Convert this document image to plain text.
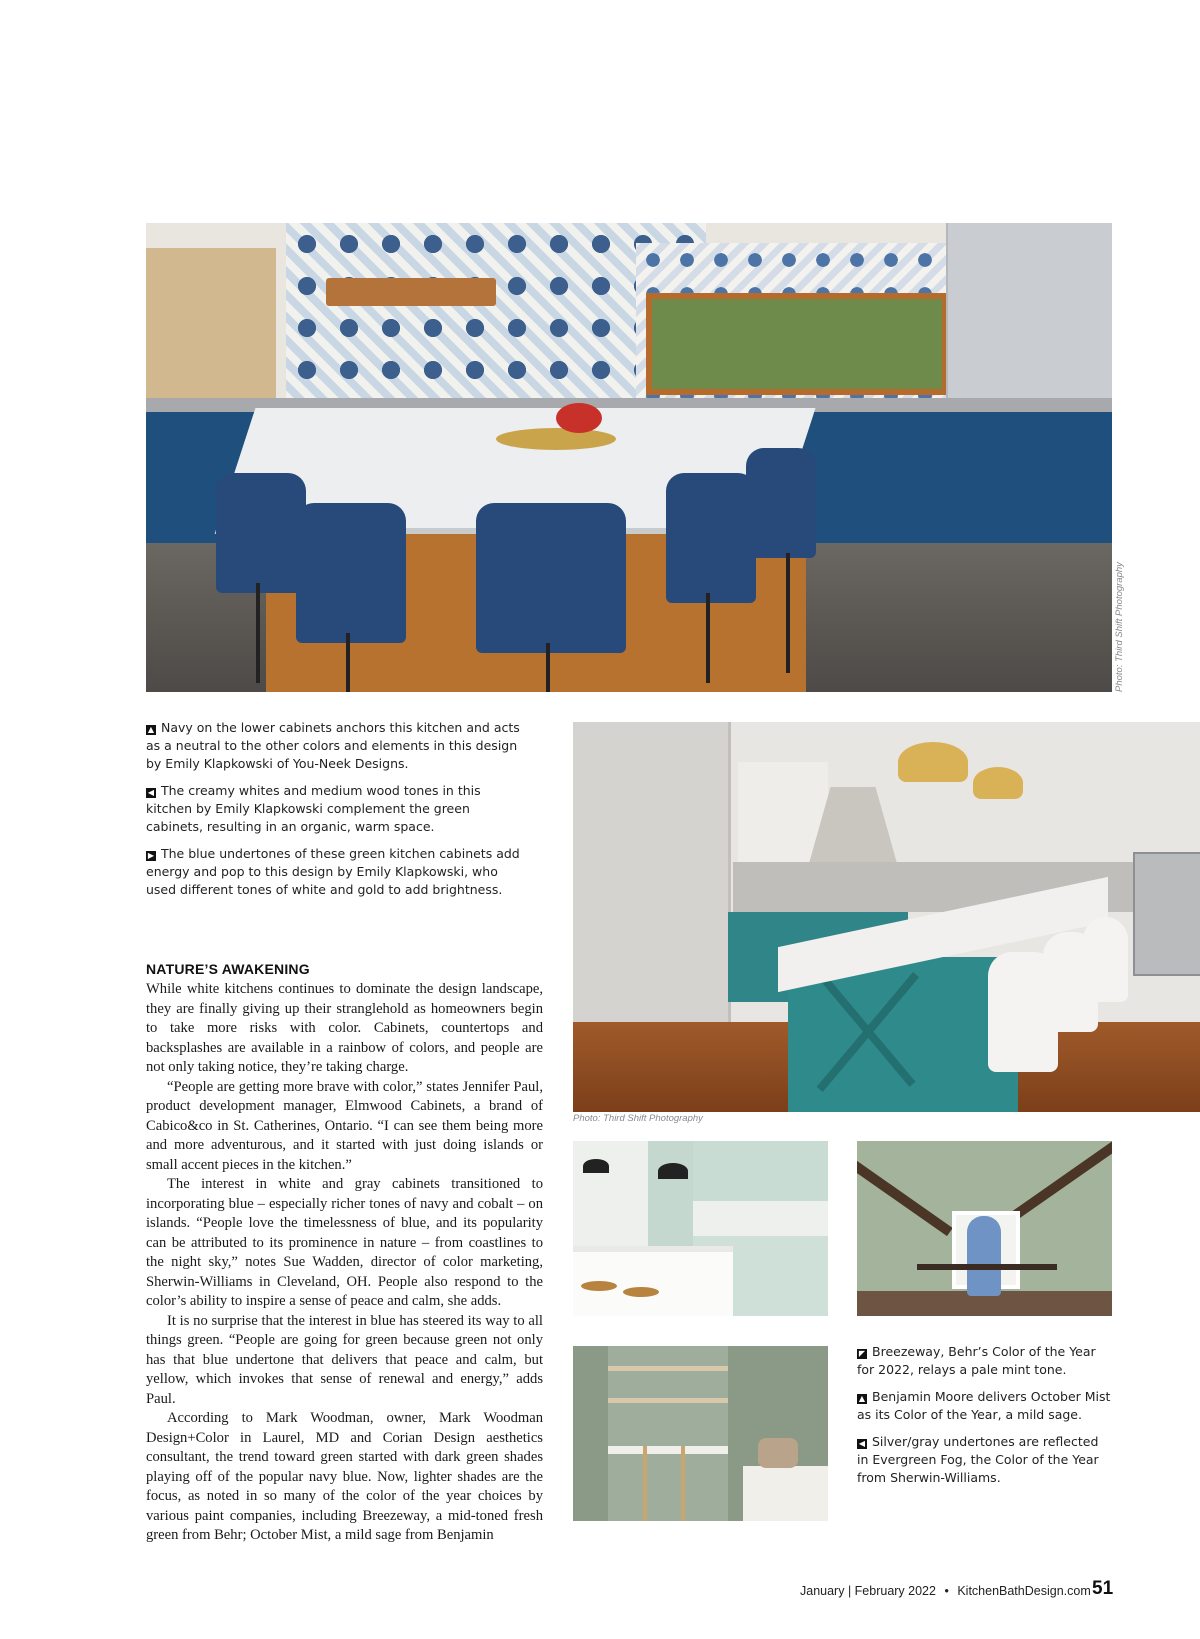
Photo: Third Shift Photography

▲ Navy on the lower cabinets anchors this kitchen and acts as a neutral to the other colors and elements in this design by Emily Klapkowski of You-Neek Designs.

◀ The creamy whites and medium wood tones in this kitchen by Emily Klapkowski complement the green cabinets, resulting in an organic, warm space.

▶ The blue undertones of these green kitchen cabinets add energy and pop to this design by Emily Klapkowski, who used different tones of white and gold to add brightness.

Photo: Third Shift Photography

◤ Breezeway, Behr’s Color of the Year for 2022, relays a pale mint tone.

▲ Benjamin Moore delivers October Mist as its Color of the Year, a mild sage.

◀ Silver/gray undertones are reflected in Evergreen Fog, the Color of the Year from Sherwin-Williams.

NATURE’S AWAKENING

While white kitchens continues to dominate the design landscape, they are finally giving up their stranglehold as homeowners begin to take more risks with color. Cabinets, countertops and backsplashes are available in a rainbow of colors, and people are not only taking notice, they’re taking charge.

“People are getting more brave with color,” states Jennifer Paul, product development manager, Elmwood Cabinets, a brand of Cabico&co in St. Catherines, Ontario. “I can see them being more and more adventurous, and it started with just doing islands or small accent pieces in the kitchen.”

The interest in white and gray cabinets transitioned to incorporating blue – especially richer tones of navy and cobalt – on islands. “People love the timelessness of blue, and its popularity can be attributed to its prominence in nature – from coastlines to the night sky,” notes Sue Wadden, director of color marketing, Sherwin-Williams in Cleveland, OH. People also respond to the color’s ability to inspire a sense of peace and calm, she adds.

It is no surprise that the interest in blue has steered its way to all things green. “People are going for green because green not only has that blue undertone that delivers that peace and calm, but yellow, which invokes that sense of renewal and energy,” adds Paul.

According to Mark Woodman, owner, Mark Woodman Design+Color in Laurel, MD and Corian Design aesthetics consultant, the trend toward green started with dark green shades playing off of the popular navy blue. Now, lighter shades are the focus, as noted in so many of the color of the year choices by various paint companies, including Breezeway, a mid-toned fresh green from Behr; October Mist, a mild sage from Benjamin

January | February 2022 • KitchenBathDesign.com 51
